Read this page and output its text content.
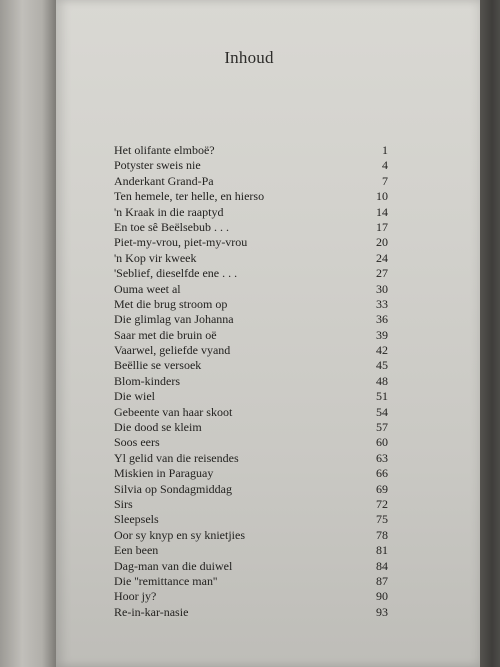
Inhoud
Het olifante elmboë?	1
Potyster sweis nie	4
Anderkant Grand-Pa	7
Ten hemele, ter helle, en hierso	10
'n Kraak in die raaptyd	14
En toe sê Beëlsebub . . .	17
Piet-my-vrou, piet-my-vrou	20
'n Kop vir kweek	24
'Seblief, dieselfde ene . . .	27
Ouma weet al	30
Met die brug stroom op	33
Die glimlag van Johanna	36
Saar met die bruin oë	39
Vaarwel, geliefde vyand	42
Beëllie se versoek	45
Blom-kinders	48
Die wiel	51
Gebeente van haar skoot	54
Die dood se kleim	57
Soos eers	60
Yl gelid van die reisendes	63
Miskien in Paraguay	66
Silvia op Sondagmiddag	69
Sirs	72
Sleepsels	75
Oor sy knyp en sy knietjies	78
Een been	81
Dag-man van die duiwel	84
Die ''remittance man''	87
Hoor jy?	90
Re-in-kar-nasie	93
